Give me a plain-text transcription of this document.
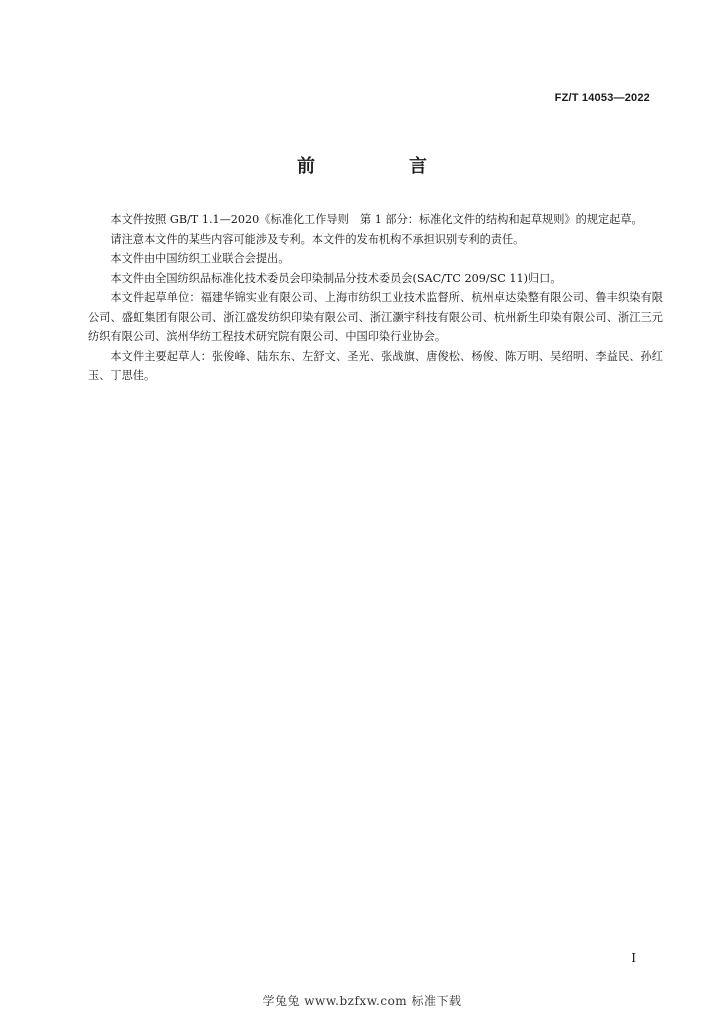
FZ/T 14053—2022
前　言

本文件按照 GB/T 1.1—2020《标准化工作导则　第 1 部分：标准化文件的结构和起草规则》的规定起草。

请注意本文件的某些内容可能涉及专利。本文件的发布机构不承担识别专利的责任。

本文件由中国纺织工业联合会提出。

本文件由全国纺织品标准化技术委员会印染制品分技术委员会(SAC/TC 209/SC 11)归口。

本文件起草单位：福建华锦实业有限公司、上海市纺织工业技术监督所、杭州卓达染整有限公司、鲁丰织染有限公司、盛虹集团有限公司、浙江盛发纺织印染有限公司、浙江灏宇科技有限公司、杭州新生印染有限公司、浙江三元纺织有限公司、滨州华纺工程技术研究院有限公司、中国印染行业协会。

本文件主要起草人：张俊峰、陆东东、左舒文、圣光、张战旗、唐俊松、杨俊、陈万明、吴绍明、李益民、孙红玉、丁思佳。

I
学兔兔 www.bzfxw.com 标准下载
